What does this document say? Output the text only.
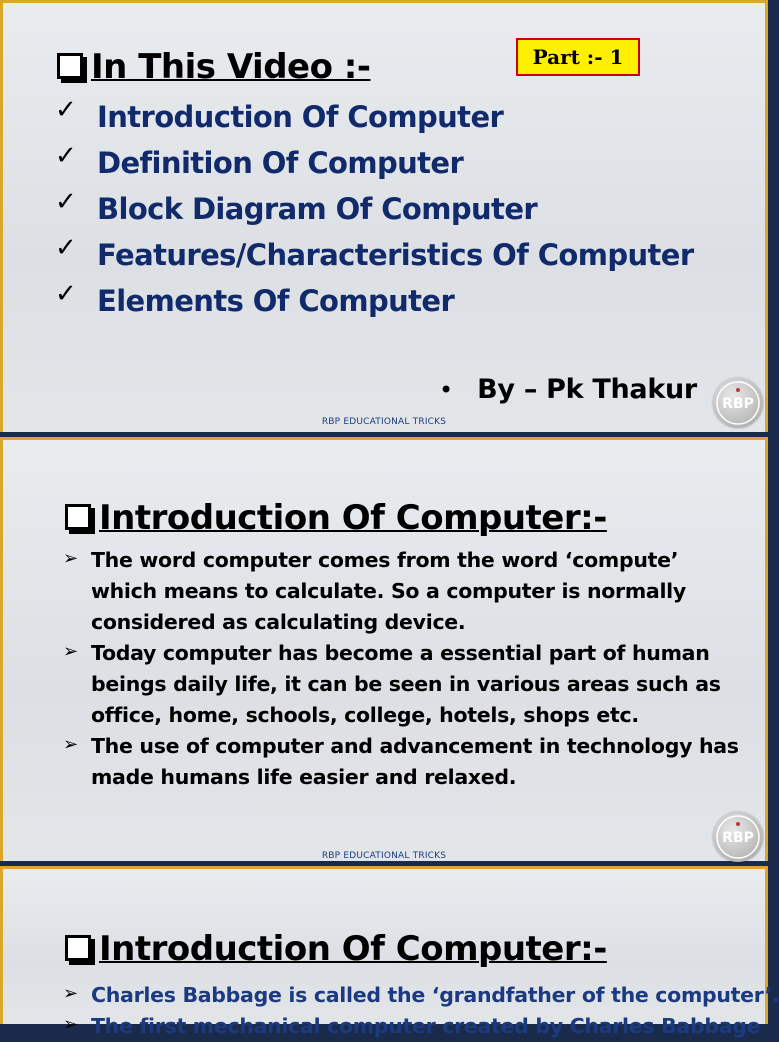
In This Video :-	Part :- 1
✓ Introduction Of Computer
✓ Definition Of Computer
✓ Block Diagram Of Computer
✓ Features/Characteristics Of Computer
✓ Elements Of Computer
• By – Pk Thakur RBP
RBP EDUCATIONAL TRICKS
Introduction Of Computer:-
➢ The word computer comes from the word ‘compute’ which means to calculate. So a computer is normally considered as calculating device.
➢ Today computer has become a essential part of human beings daily life, it can be seen in various areas such as office, home, schools, college, hotels, shops etc.
➢ The use of computer and advancement in technology has made humans life easier and relaxed.
RBP
RBP EDUCATIONAL TRICKS
Introduction Of Computer:-
➢ Charles Babbage is called the ‘grandfather of the computer’.
➢ The first mechanical computer created by Charles Babbage
